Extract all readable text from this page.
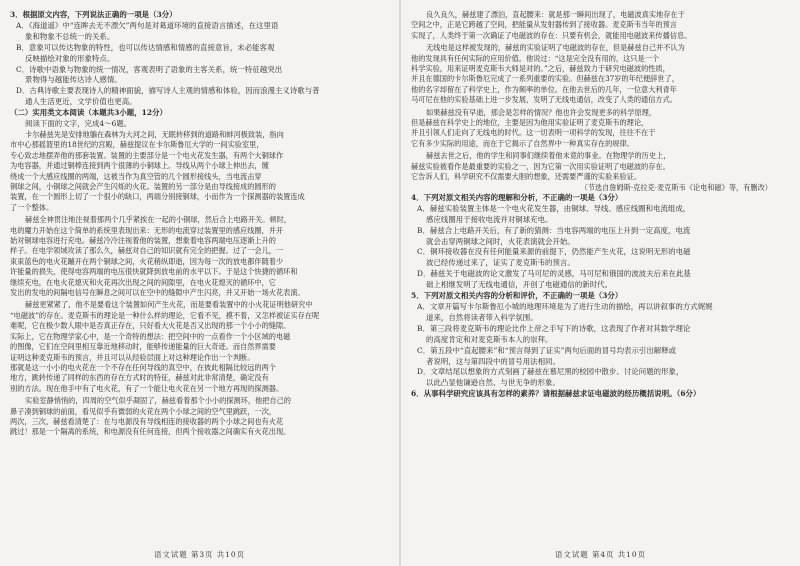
3．根据原文内容，下列说法正确的一项是（3分）
A．《海道遥》中“连眸去无不漂欠”两句是对葛道环境的直接语言描述，在这里语
象和物象不总统一的关系。
B．意象可以传达物象的特性，也可以传达情感和情感的直接意旨，未必能客观
反映描绘对象的形象特点。
C．诗歌中语象与物象的统一情况，客观表明了语象的主客关系，统一特征越突出
景物得与越能传达诗人感情。
D．古典诗歌主要表现诗人的精神面貌，描写诗人主观的情感和体验，因而浪漫主义诗歌与普
通人生活更近，文学价值也更高。
（二）实用类文本阅读（本题共3小题，12分）
阅读下面的文字，完成4～6题。
卡尔赫兹先是安排地躺在森林为大河之间，无眠转移到的道路和蚌河极致装，指向
市中心那摇篮里的18世纪的宫殿，赫兹提议在卡尔斯鲁厄大学的一间实验室里，
专心致志地摆弄他的那套装置。装置的主要部分是一个电火花发生器，有两个大铜球作
为电容器，并通过铜棒连接到两个很薄的小铜球上。导线从两个小球上伸出去，缠
绕成一个大感应线圈的两端，这被当作为真空管的几个圆形接线头，当电流击穿
铜球之间，小铜球之间就会产生闪烁的火花。装置的另一部分是由导线接成的圆形的
装置，在一个圆形上切了一个很小的缺口，两端分别接铜球，小而作为一个探测器的装置连成
了一个整体。
赫兹全神贯注地注视着那两个几乎紧挨在一起的小铜球，然后合上电路开关。顿时，
电的魔力开始在这个简单的系统里表现出来：无形的电流穿过装置里的感应线圈，并开
始对铜球电容进行充电。赫兹冷冷注视着他的装置，想象着电容两端电压逐渐上升的
样子。在电学领域攻读了那么久，赫兹对自己的知识就有完全的把握。过了一会儿，一
束束蓝色的电火花蹦开在两个铜球之间，火花稍纵即逝，因为每一次的放电都伴随着少
许能量的损失，使得电容两端的电压很快就降到放电前的水平以下。于是这个快捷的循环和
继续充电，在电火花熄灭和火花再次出现之间的间隙里，在电火花熄灭的循环中，它
发出的发电的间隔电信号在瞬息之间可以在空中的缝隙中产生闪亮，并又开始一场火花表演。
赫兹更紧紧了，他不是要看这个装置如何产生火花，而是要看装置中的小火花证明他研究中
“电磁波”的存在。麦克斯韦的理论是一种什么样的理论，它看不见，摸不着，又怎样被证实存在呢
难呢，它在极少数人眼中是否真正存在，只好看大火花是否又出现的那一个小小的缝隙。
实际上，它在物理学家心中，是一个奇特的想法：把空间中的一点看作一个小区域的电磁
的图像，它们在空间里相互靠近地移动时，能够传递能量的巨大奇迹。而自然界需要
证明这种麦克斯韦的预言，并且可以从经验层面上对这种理论作出一个判断。
那就是这一小小的电火花在一个不存在任何导线的真空中，在彼此相隔比较远的两个
地方，跳转传递了同样的东西的存在方式时的特征，赫兹对此非常清楚，确定没有
别的方法。现在他手中有了电火花，有了一个能让电火花在另一个地方再现的探测器。
实验室静悄悄的，四周的空气似乎凝固了，赫兹看着那个小小的探测环，他把自己的
鼻子凑到铜球的前面，看见似乎有微弱的火花在两个小球之间的空气里跳跃，一次，
两次，三次，赫兹看清楚了：在与电源没有导线相连的接收器的两个小球之间也有火花
跳过！那是一个隔离的系统，和电源没有任何连接，但两个接收器之间确实有火花出现。
语文试题 第3页 共10页
良久良久，赫兹建了漂泊，直起腰来：就是那一瞬间出现了，电磁波真实地存在于
空间之中，正是它跨越了空间，把能量从发射器传到了接收器。麦克斯韦当年的预言
实现了，人类终于第一次确证了电磁波的存在：只要有机会，就能用电磁波来传播信息。
无线电是这样被发现的，赫兹的实验证明了电磁波的存在，但是赫兹自己并不认为
他的发现具有任何实际的应用价值。他说过：“这是完全没有用的，这只是一个
科学实验，用来证明麦克斯韦大师是对的。”之后，赫兹致力于研究电磁波的性质，
并且在德国的卡尔斯鲁厄完成了一系列重要的实验。但赫兹在37岁的年纪便辞世了，
他的名字却留在了科学史上，作为频率的单位。在他去世后的几年，一位意大利青年
马可尼在他的实验基础上进一步发展，发明了无线电通信，改变了人类的通信方式。
如果赫兹没有早逝，那会是怎样的情况？他也许会发现更多的科学原理，
但是赫兹在科学史上的地位，主要是因为他用实验证明了麦克斯韦的理论，
并且引领人们走向了无线电的时代。这一切表明一项科学的发现，往往不在于
它有多少实际的用途，而在于它揭示了自然界中一种真实存在的规律。
赫兹去世之后，他的学生和同事们继续着他未竟的事业。在物理学的历史上，
赫兹实验被看作是最重要的实验之一，因为它第一次用实验证明了电磁波的存在。
它告诉人们，科学研究不仅需要大胆的想象，还需要严谨的实验来验证。
（节选自詹姆斯·克拉克·麦克斯韦《论电和磁》等，有删改）
4．下列对原文相关内容的理解和分析，不正确的一项是（3分）
A．赫兹实验装置主体是一个电火花发生器，由铜球、导线、感应线圈和电流组成，
感应线圈用于接收电流并对铜球充电。
B．赫兹合上电路开关后，有了新的猜测：当电容两端的电压上升到一定高度，电流
就会击穿两铜球之间时，火花表演就会开始。
C．铜环接收器在没有任何能量来源的前提下，仍然能产生火花，这说明无形的电磁
波已经传递过来了，证实了麦克斯韦的预言。
D．赫兹关于电磁波的论文激发了马可尼的灵感，马可尼和俄国的波波夫后来在此基
础上相继发明了无线电通信，开创了电磁通信的新时代。
5．下列对原文相关内容的分析和评价，不正确的一项是（3分）
A．文章开篇写卡尔斯鲁厄小城的地理环境是为了进行生动的描绘，再以讲叙事的方式娓娓
道来，自然将读者带入科学氛围。
B．第三段将麦克斯韦的理论比作上帝之手写下的诗歌，这表现了作者对其数学理论
的高度肯定和对麦克斯韦本人的崇拜。
C．第五段中“直起腰来”和“预言得到了证实”两句后面的冒号均表示引出解释或
者说明，这与第四段中的冒号用法相同。
D．文章结尾以想象的方式刻画了赫兹在慕尼黑的校园中散步、讨论问题的形象，
以此凸显他谦逊自然、与世无争的形象。
6．从事科学研究应该具有怎样的素养？请根据赫兹求证电磁波的经历概括说明。（6分）
语文试题 第4页 共10页
